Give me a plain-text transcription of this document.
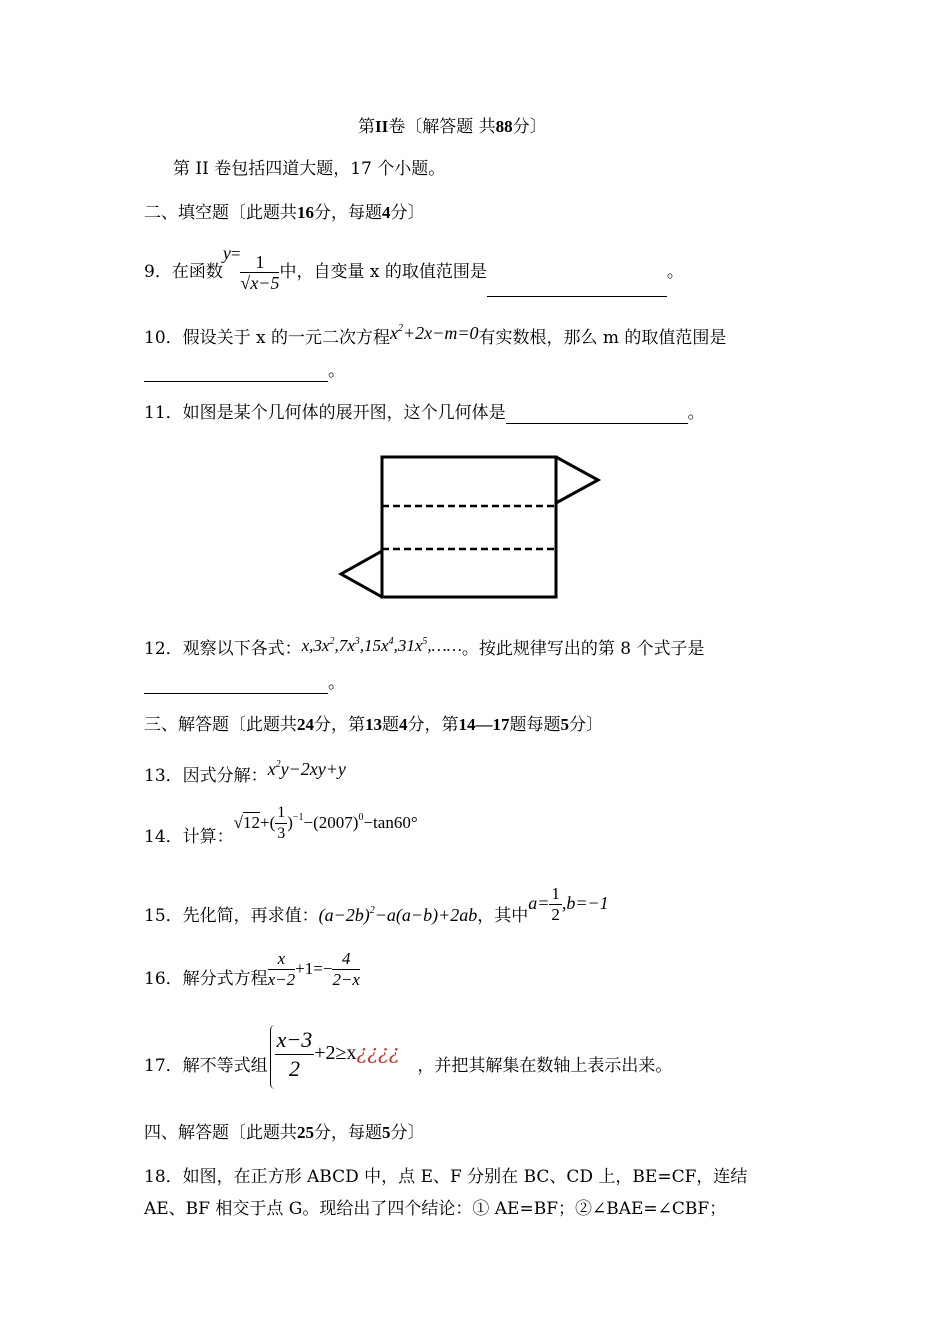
第II卷〔解答题 共88分〕
第 II 卷包括四道大题，17 个小题。
二、填空题〔此题共16分，每题4分〕
9．在函数$y= \frac{1}{√x-5}$ 中，自变量 x 的取值范围是	。
10．假设关于 x 的一元二次方程$x^2+2x-m=0$有实数根，那么 m 的取值范围是
。
11．如图是某个几何体的展开图，这个几何体是	。
12．观察以下各式：$x,3x^2,7x^3,15x^4,31x^5,\dots\dots$。按此规律写出的第 8 个式子是
。
三、解答题〔此题共24分，第13题4分，第14—17题每题5分〕
13．因式分解：$x^2y-2xy+y$
14．计算：$√12+( \frac{1}{3} )^{-1}-(2007)^0-\tan 60^\circ$
15．先化简，再求值：$(a-2b)^2-a(a-b)+2ab$，其中$a= \frac{1}{2} ,b=-1$
16．解分式方程 $\frac{x}{x-2} +1=- \frac{4}{2-x}$
17．解不等式组 $\frac{x-3}{2}$ +2≥x¿¿¿¿，并把其解集在数轴上表示出来。
四、解答题〔此题共25分，每题5分〕
18．如图，在正方形 ABCD 中，点 E、F 分别在 BC、CD 上，BE=CF，连结
AE、BF 相交于点 G。现给出了四个结论：① AE=BF；②∠BAE=∠CBF；
